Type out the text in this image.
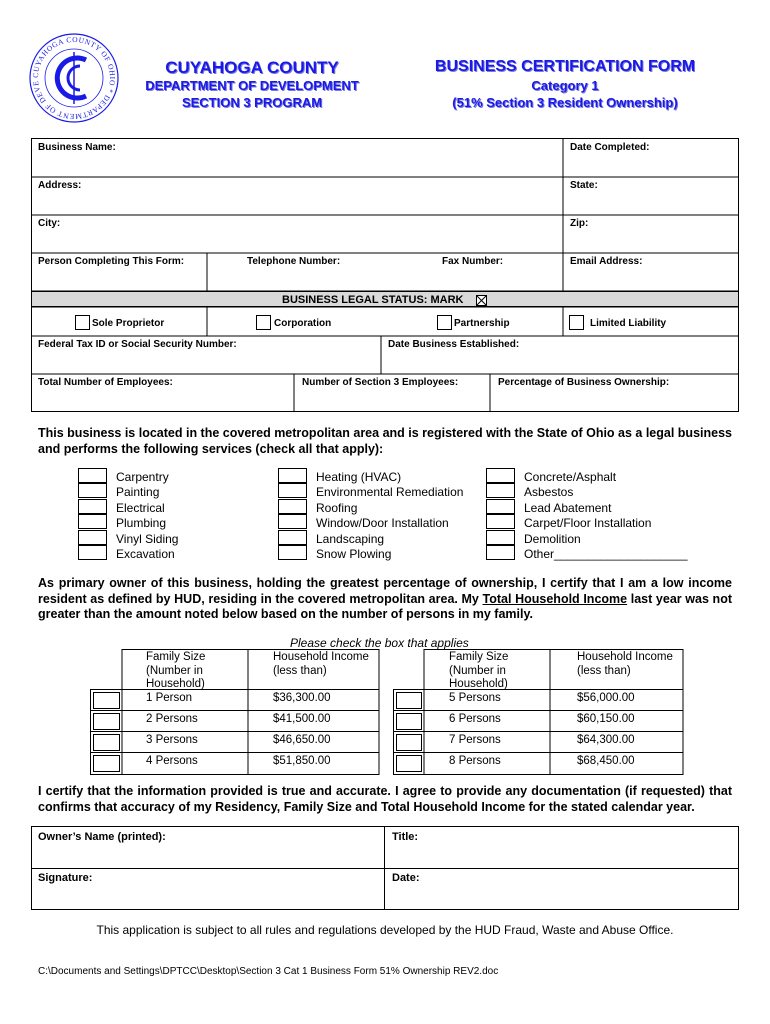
CUYAHOGA COUNTY OF OHIO * DEPARTMENT OF DEVE
CUYAHOGA COUNTY
DEPARTMENT OF DEVELOPMENT
SECTION 3 PROGRAM
BUSINESS CERTIFICATION FORM
Category 1
(51% Section 3 Resident Ownership)
Business Name:	Date Completed:
Address:	State:
City:	Zip:
Person Completing This Form:	Telephone Number:	Fax Number:	Email Address:
BUSINESS LEGAL STATUS: MARK
Sole Proprietor	Corporation	Partnership	Limited Liability
Federal Tax ID or Social Security Number:	Date Business Established:
Total Number of Employees:	Number of Section 3 Employees:	Percentage of Business Ownership:
This business is located in the covered metropolitan area and is registered with the State of Ohio as a legal business and performs the following services (check all that apply):
Carpentry
Painting
Electrical
Plumbing
Vinyl Siding
Excavation
Heating (HVAC)
Environmental Remediation
Roofing
Window/Door Installation
Landscaping
Snow Plowing
Concrete/Asphalt
Asbestos
Lead Abatement
Carpet/Floor Installation
Demolition
Other____________________
As primary owner of this business, holding the greatest percentage of ownership, I certify that I am a low income resident as defined by HUD, residing in the covered metropolitan area. My Total Household Income last year was not greater than the amount noted below based on the number of persons in my family.
Please check the box that applies
Family Size (Number in Household)
Household Income (less than)
1 Person	$36,300.00
2 Persons	$41,500.00
3 Persons	$46,650.00
4 Persons	$51,850.00
Family Size (Number in Household)
Household Income (less than)
5 Persons	$56,000.00
6 Persons	$60,150.00
7 Persons	$64,300.00
8 Persons	$68,450.00
I certify that the information provided is true and accurate. I agree to provide any documentation (if requested) that confirms that accuracy of my Residency, Family Size and Total Household Income for the stated calendar year.
Owner’s Name (printed):	Title:
Signature:	Date:
This application is subject to all rules and regulations developed by the HUD Fraud, Waste and Abuse Office.
C:\Documents and Settings\DPTCC\Desktop\Section 3 Cat 1 Business Form 51% Ownership REV2.doc
